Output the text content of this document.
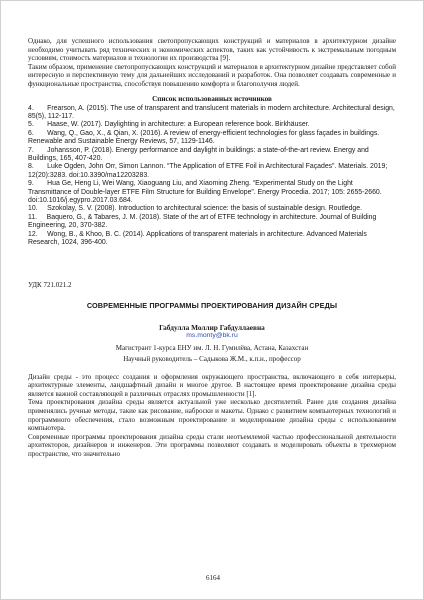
Однако, для успешного использования светопропускающих конструкций и материалов в архитектурном дизайне необходимо учитывать ряд технических и экономических аспектов, таких как устойчивость к экстремальным погодным условиям, стоимость материалов и технологии их производства [9].

Таким образом, применение светопропускающих конструкций и материалов в архитектурном дизайне представляет собой интересную и перспективную тему для дальнейших исследований и разработок. Она позволяет создавать современные и функциональные пространства, способствуя повышению комфорта и благополучия людей.

Список использованных источников

4.       Frearson, A. (2015). The use of transparent and translucent materials in modern architecture. Architectural design, 85(5), 112-117.

5.       Haase, W. (2017). Daylighting in architecture: a European reference book. Birkhäuser.

6.       Wang, Q., Gao, X., & Qian, X. (2016). A review of energy-efficient technologies for glass façades in buildings. Renewable and Sustainable Energy Reviews, 57, 1129-1146.

7.       Johansson, P. (2018). Energy performance and daylight in buildings: a state-of-the-art review. Energy and Buildings, 165, 407-420.

8.       Luke Ogden, John Orr, Simon Lannon. “The Application of ETFE Foil in Architectural Façades”. Materials. 2019; 12(20):3283. doi:10.3390/ma12203283.

9.       Hua Ge, Heng Li, Wei Wang, Xiaoguang Liu, and Xiaoming Zheng. “Experimental Study on the Light Transmittance of Double-layer ETFE Film Structure for Building Envelope”. Energy Procedia. 2017; 105: 2655-2660. doi:10.1016/j.egypro.2017.03.684.

10.     Szokolay, S. V. (2008). Introduction to architectural science: the basis of sustainable design. Routledge.

11.     Baquero, G., & Tabares, J. M. (2018). State of the art of ETFE technology in architecture. Journal of Building Engineering, 20, 370-382.

12.     Wong, B., & Khoo, B. C. (2014). Applications of transparent materials in architecture. Advanced Materials Research, 1024, 396-400.

УДК 721.021.2

СОВРЕМЕННЫЕ ПРОГРАММЫ ПРОЕКТИРОВАНИЯ ДИЗАЙН СРЕДЫ

Габдулла Моллир Габдуллаевна

ms.monty@bk.ru

Магистрант 1-курса ЕНУ им. Л. Н. Гумилёва, Астана, Казахстан

Научный руководитель – Садыкова Ж.М., к.п.н., профессор

Дизайн среды - это процесс создания и оформления окружающего пространства, включающего в себя интерьеры, архитектурные элементы, ландшафтный дизайн и многое другое. В настоящее время проектирование дизайна среды является важной составляющей в различных отраслях промышленности [1].

Тема проектирования дизайна среды является актуальной уже несколько десятилетий. Ранее для создания дизайна применялись ручные методы, такие как рисование, наброски и макеты. Однако с развитием компьютерных технологий и программного обеспечения, стало возможным проектирование и моделирование дизайна среды с использованием компьютера.

Современные программы проектирования дизайна среды стали неотъемлемой частью профессиональной деятельности архитекторов, дизайнеров и инженеров. Эти программы позволяют создавать и моделировать объекты в трехмерном пространстве, что значительно

6164
